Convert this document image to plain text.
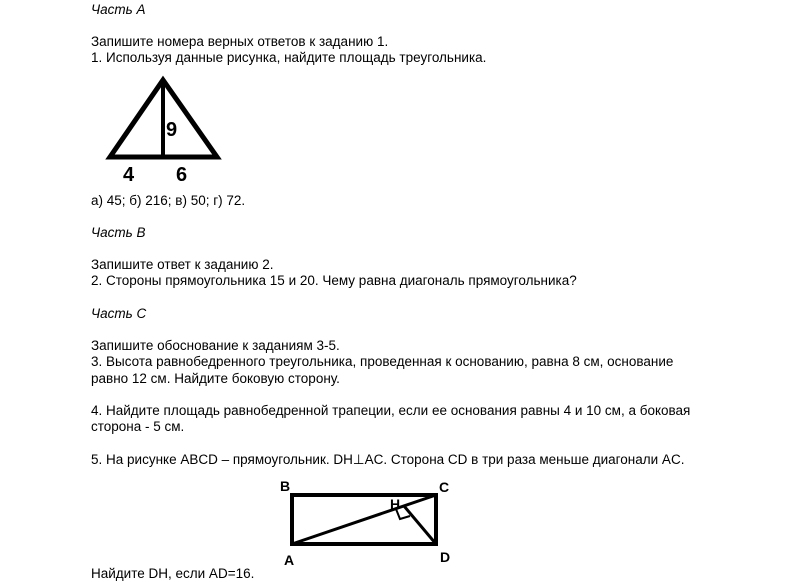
Часть А
Запишите номера верных ответов к заданию 1.
1. Используя данные рисунка, найдите площадь треугольника.
9
4 6
а) 45; б) 216; в) 50; г) 72.
Часть В
Запишите ответ к заданию 2.
2. Стороны прямоугольника 15 и 20. Чему равна диагональ прямоугольника?
Часть С
Запишите обоснование к заданиям 3-5.
3. Высота равнобедренного треугольника, проведенная к основанию, равна 8 см, основание
равно 12 см. Найдите боковую сторону.
4. Найдите площадь равнобедренной трапеции, если ее основания равны 4 и 10 см, а боковая
сторона - 5 см.
5. На рисунке ABCD – прямоугольник. DH⊥AC. Сторона CD в три раза меньше диагонали AC.
B	C
H
A	D
Найдите DH, если AD=16.
